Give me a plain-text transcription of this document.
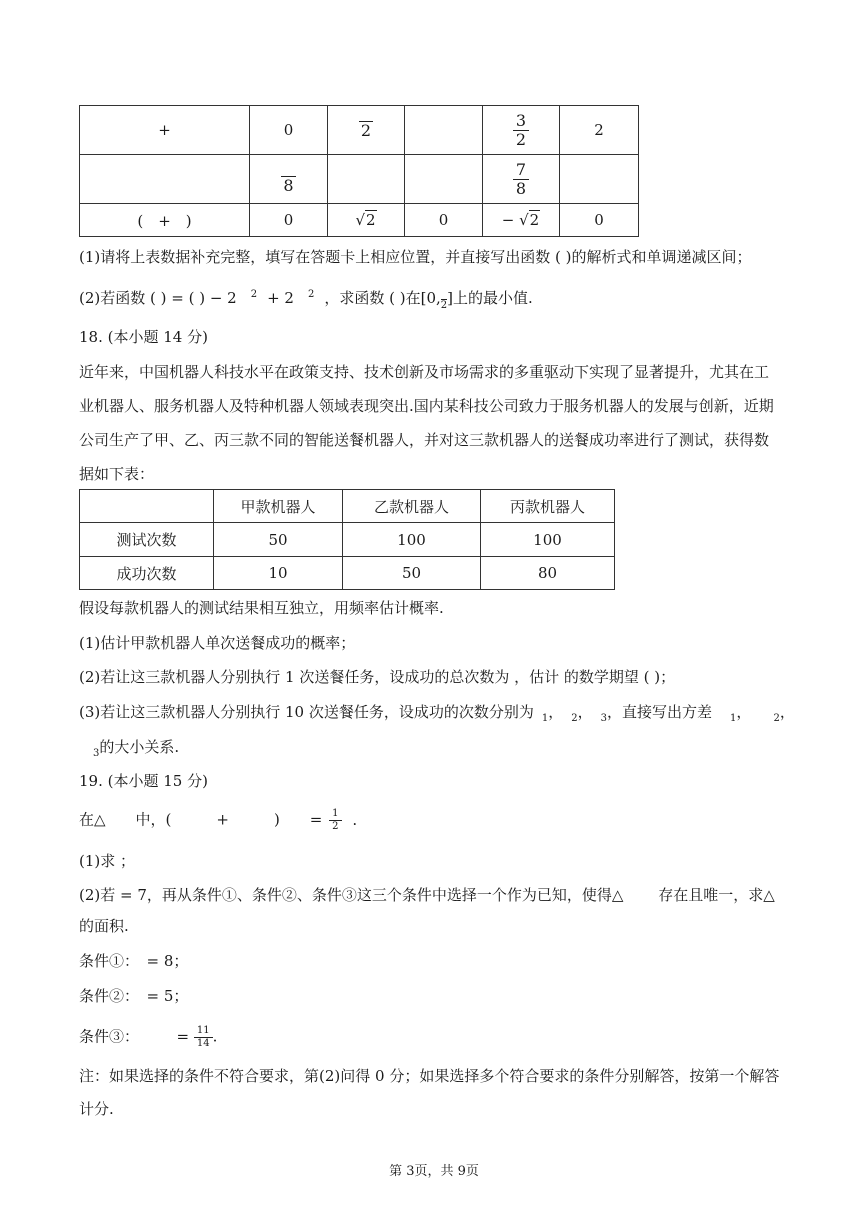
+	0	2		$\frac{3}{2}$	2
	8			$\frac{7}{8}$

(　+　)	0	√2	0	− √2	0
(1)请将上表数据补充完整，填写在答题卡上相应位置，并直接写出函数 ( )的解析式和单调递减区间；
(2)若函数 ( ) = ( ) − 2 $^2$ + 2 $^2$ ，求函数 ( )在[0, 2 ]上的最小值.
18. (本小题 14 分)
近年来，中国机器人科技水平在政策支持、技术创新及市场需求的多重驱动下实现了显著提升，尤其在工
业机器人、服务机器人及特种机器人领域表现突出.国内某科技公司致力于服务机器人的发展与创新，近期
公司生产了甲、乙、丙三款不同的智能送餐机器人，并对这三款机器人的送餐成功率进行了测试，获得数
据如下表：
	甲款机器人	乙款机器人	丙款机器人
测试次数	50	100	100
成功次数	10	50	80
假设每款机器人的测试结果相互独立，用频率估计概率.
(1)估计甲款机器人单次送餐成功的概率；
(2)若让这三款机器人分别执行 1 次送餐任务，设成功的总次数为 ，估计 的数学期望 ( )；
(3)若让这三款机器人分别执行 10 次送餐任务，设成功的次数分别为 $_1$， $_2$， $_3$，直接写出方差 $_1$， $_2$，
$_3$的大小关系.
19. (本小题 15 分)
在△　　中，(　　　+　　　)　　= $\frac{1}{2}$ .
(1)求 ；
(2)若 = 7，再从条件①、条件②、条件③这三个条件中选择一个作为已知，使得△　　 存在且唯一，求△
的面积.
条件①：　= 8；
条件②：　= 5；
条件③：　　　= $\frac{11}{14}$ .
注：如果选择的条件不符合要求，第(2)问得 0 分；如果选择多个符合要求的条件分别解答，按第一个解答
计分.
第 3页，共 9页
